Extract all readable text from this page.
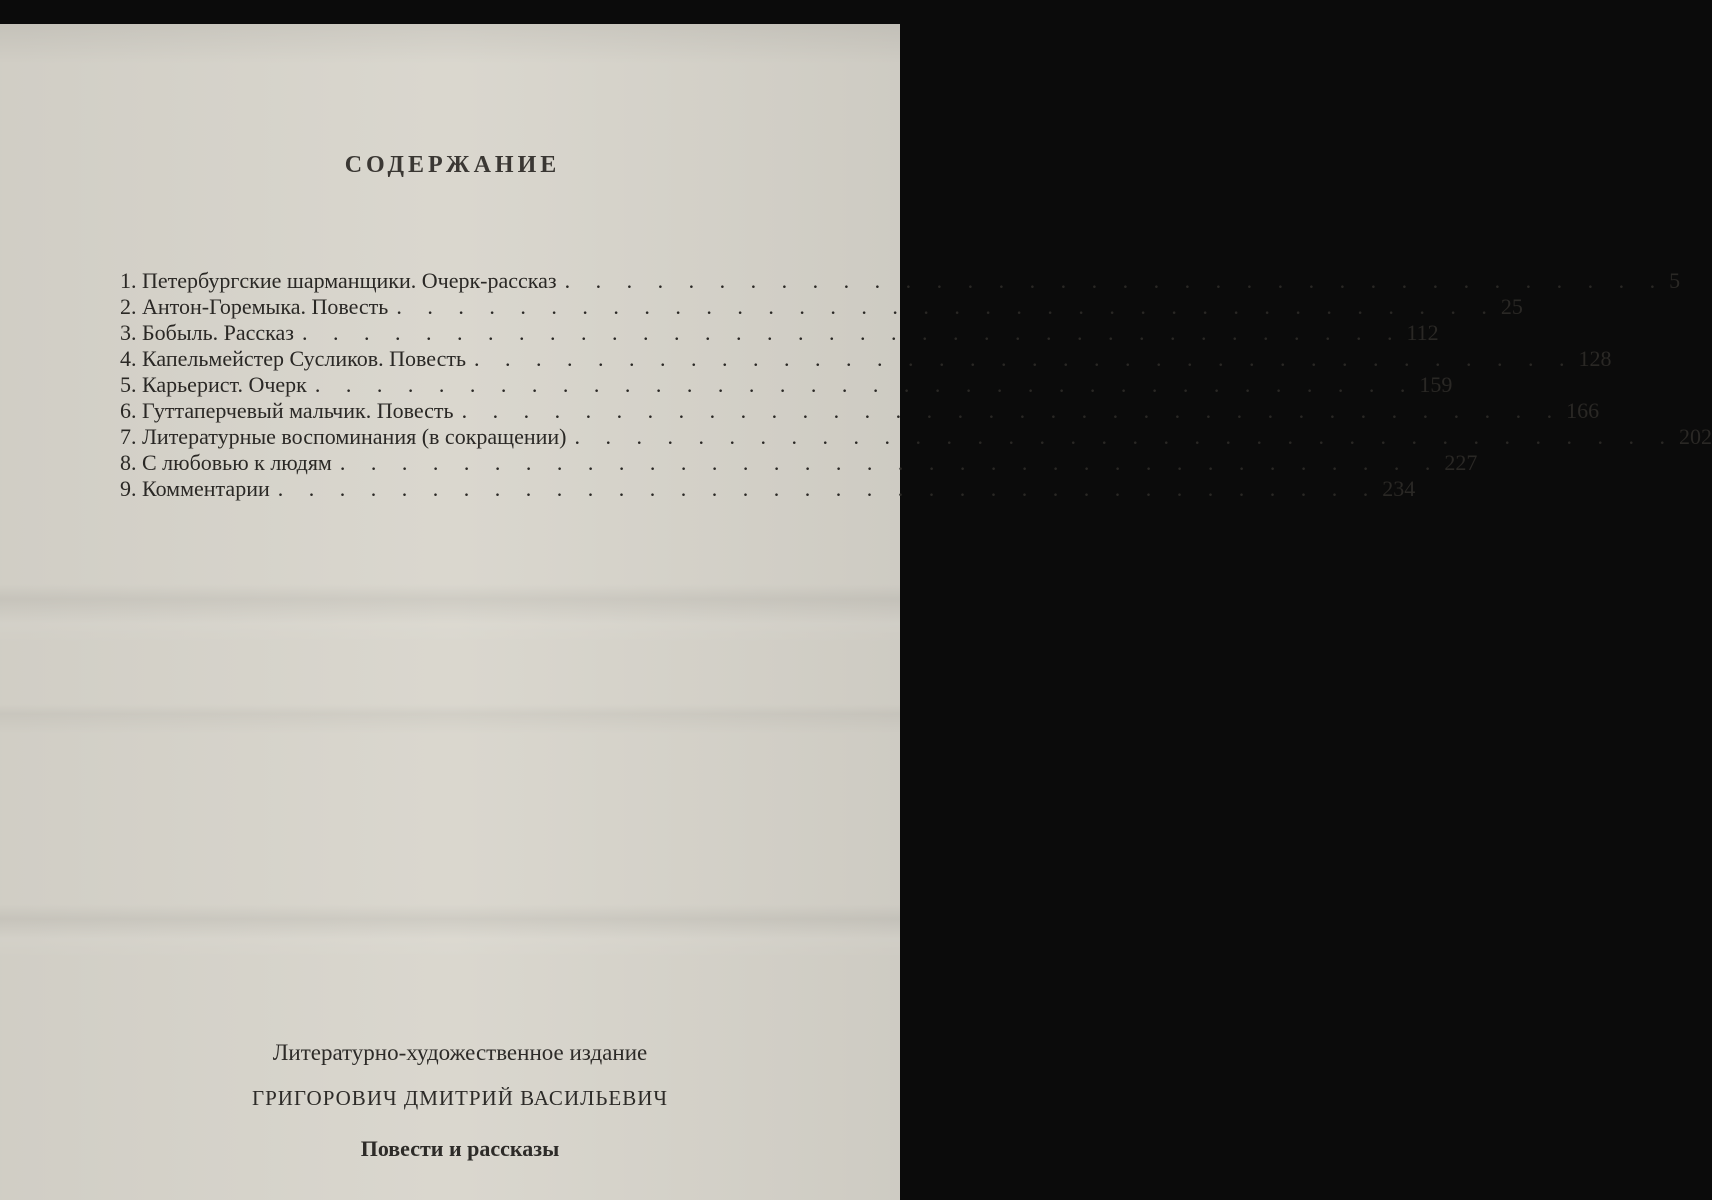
СОДЕРЖАНИЕ
1. Петербургские шарманщики. Очерк-рассказ . . . . . . . . . . . . . . . . . . . . . . . . . . . . . . . . . . . . 5
2. Антон-Горемыка. Повесть . . . . . . . . . . . . . . . . . . . . . . . . . . . . . . . . . . . . 25
3. Бобыль. Рассказ . . . . . . . . . . . . . . . . . . . . . . . . . . . . . . . . . . . . 112
4. Капельмейстер Сусликов. Повесть . . . . . . . . . . . . . . . . . . . . . . . . . . . . . . . . . . . . 128
5. Карьерист. Очерк . . . . . . . . . . . . . . . . . . . . . . . . . . . . . . . . . . . . 159
6. Гуттаперчевый мальчик. Повесть . . . . . . . . . . . . . . . . . . . . . . . . . . . . . . . . . . . . 166
7. Литературные воспоминания (в сокращении) . . . . . . . . . . . . . . . . . . . . . . . . . . . . . . . . . . . . 202
8. С любовью к людям . . . . . . . . . . . . . . . . . . . . . . . . . . . . . . . . . . . . 227
9. Комментарии . . . . . . . . . . . . . . . . . . . . . . . . . . . . . . . . . . . . 234
Литературно-художественное издание
ГРИГОРОВИЧ ДМИТРИЙ ВАСИЛЬЕВИЧ
Повести и рассказы
